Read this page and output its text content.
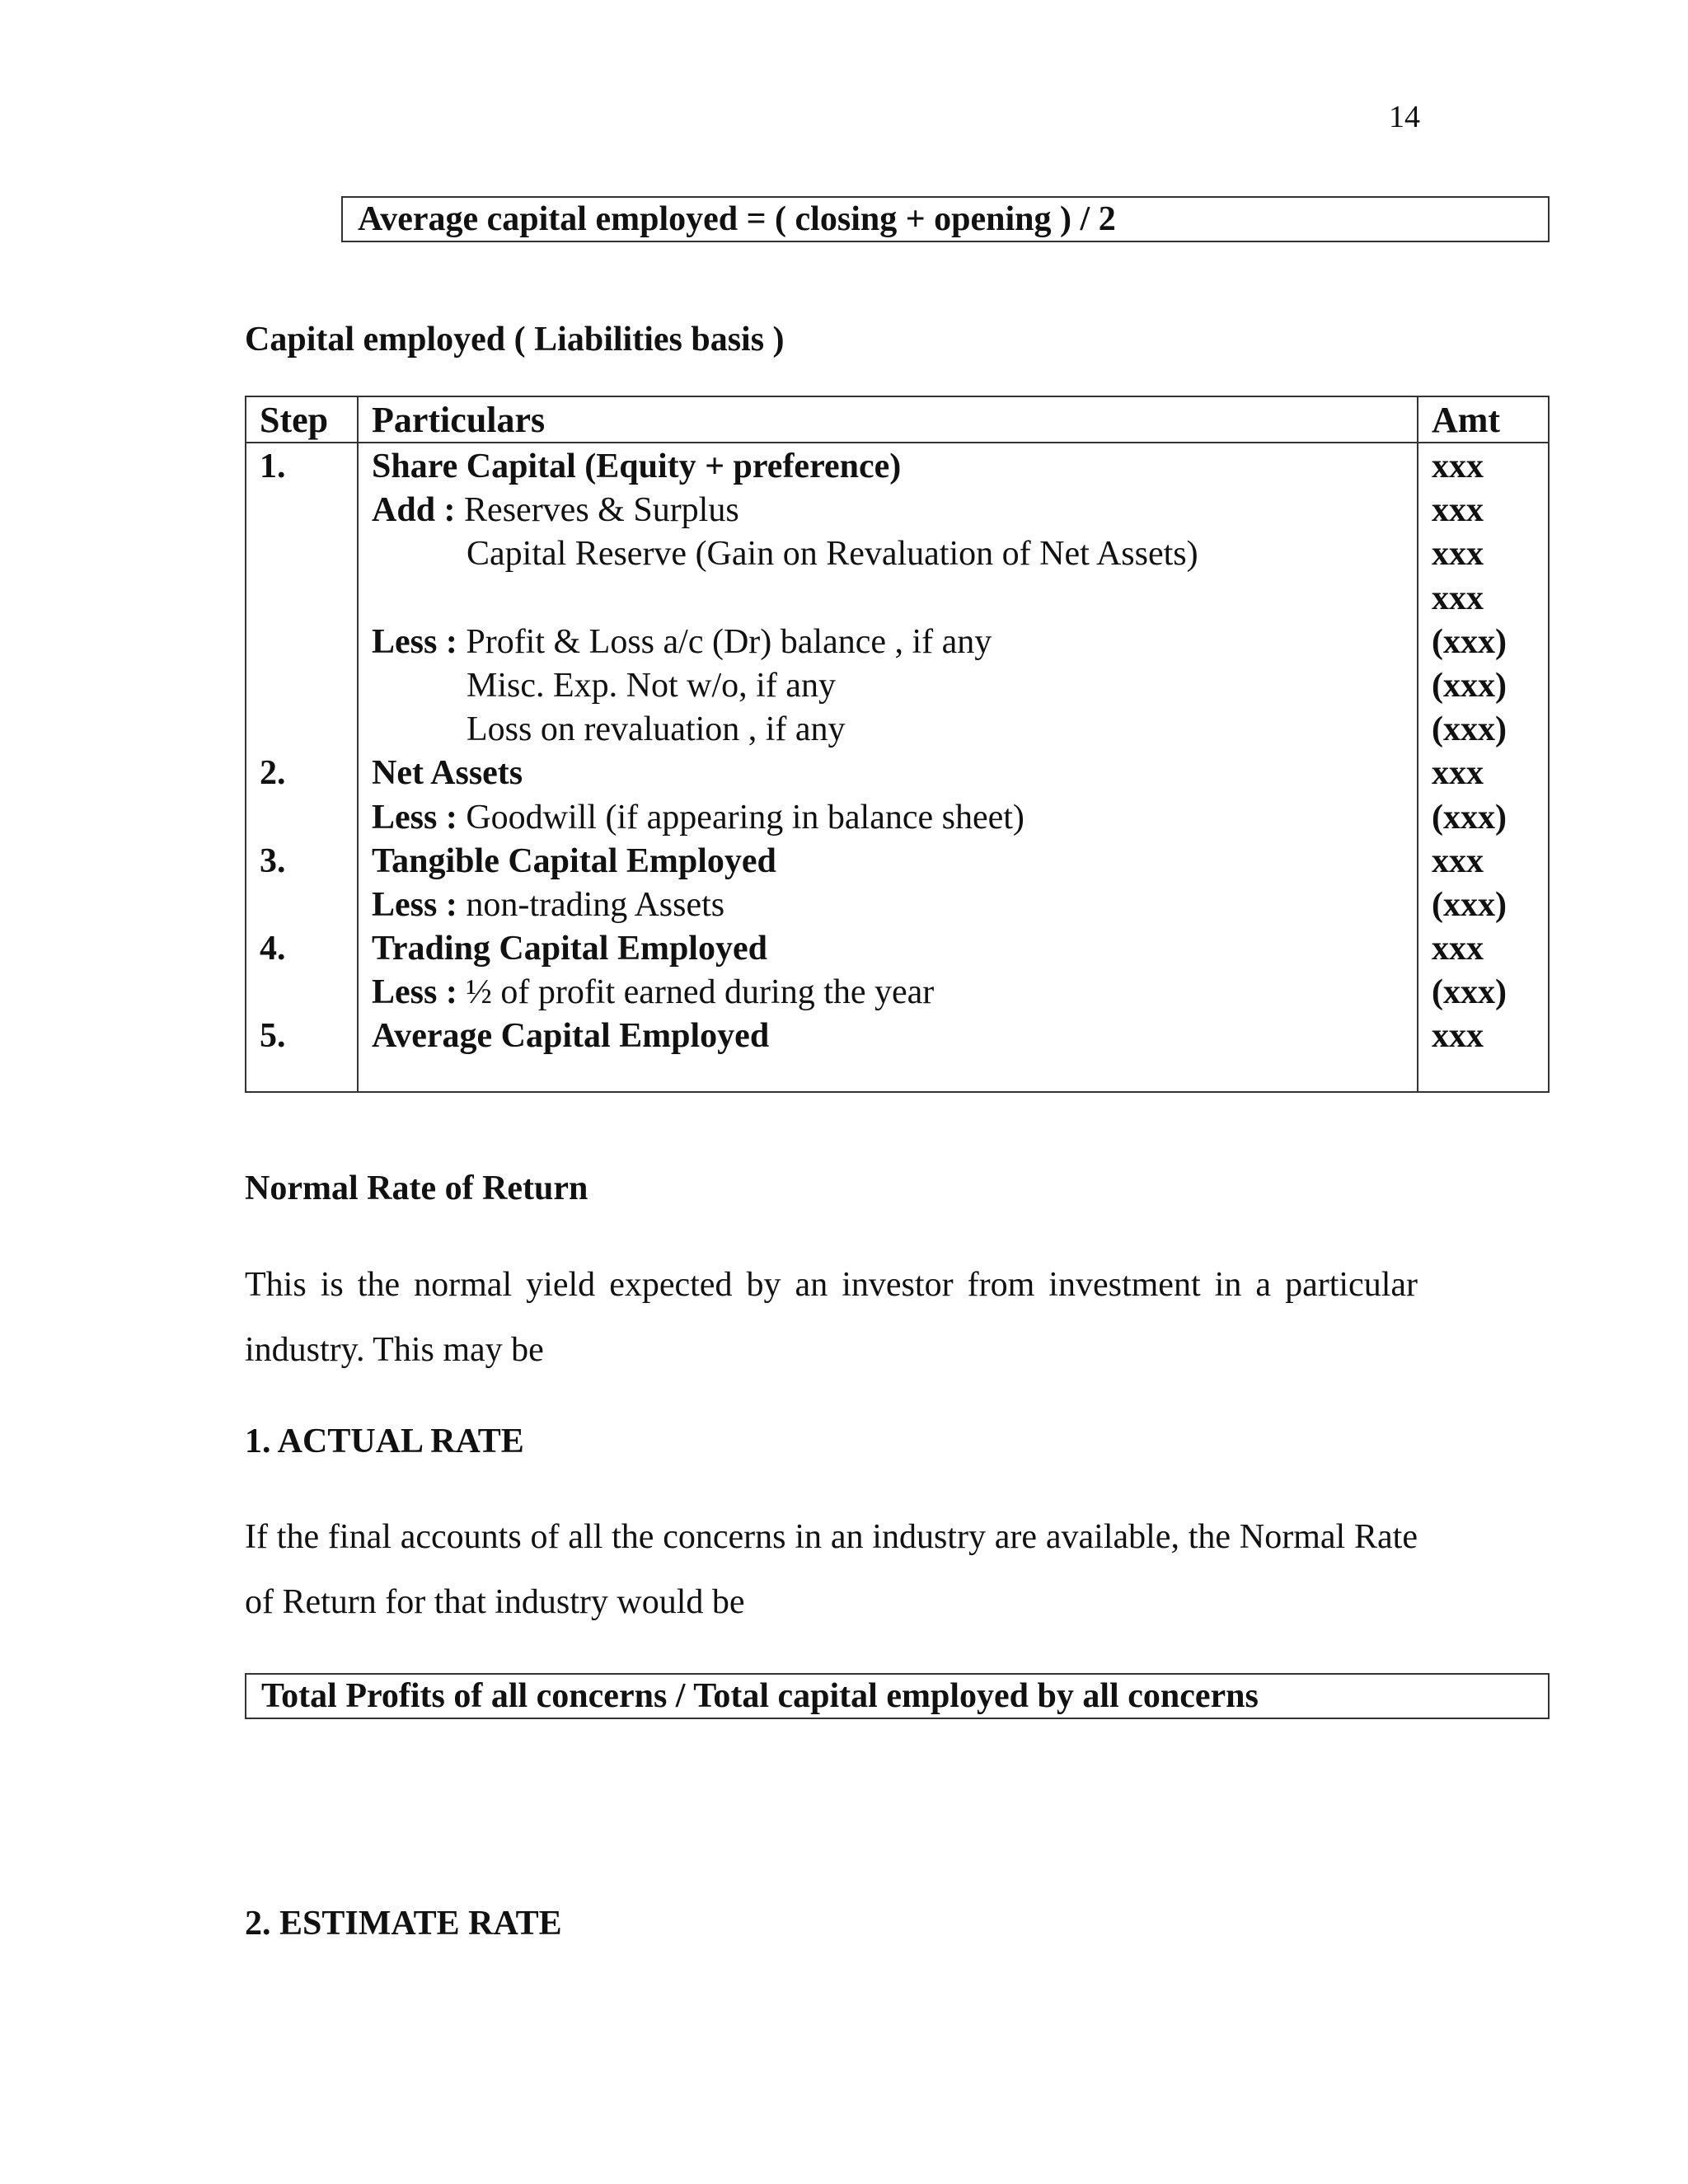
14
Average capital employed = ( closing + opening ) / 2
Capital employed ( Liabilities basis )
Step Particulars	Amt
1. Share Capital (Equity + preference)	xxx
Add : Reserves & Surplus	xxx
Capital Reserve (Gain on Revaluation of Net Assets)	xxx
xxx
Less : Profit & Loss a/c (Dr) balance , if any	(xxx)
Misc. Exp. Not w/o, if any	(xxx)
Loss on revaluation , if any	(xxx)
2. Net Assets	xxx
Less : Goodwill (if appearing in balance sheet)	(xxx)
3. Tangible Capital Employed	xxx
Less : non-trading Assets	(xxx)
4. Trading Capital Employed	xxx
Less : ½ of profit earned during the year	(xxx)
5. Average Capital Employed	xxx
Normal Rate of Return
This is the normal yield expected by an investor from investment in a particular industry. This may be
1. ACTUAL RATE
If the final accounts of all the concerns in an industry are available, the Normal Rate of Return for that industry would be
Total Profits of all concerns / Total capital employed by all concerns
2. ESTIMATE RATE
